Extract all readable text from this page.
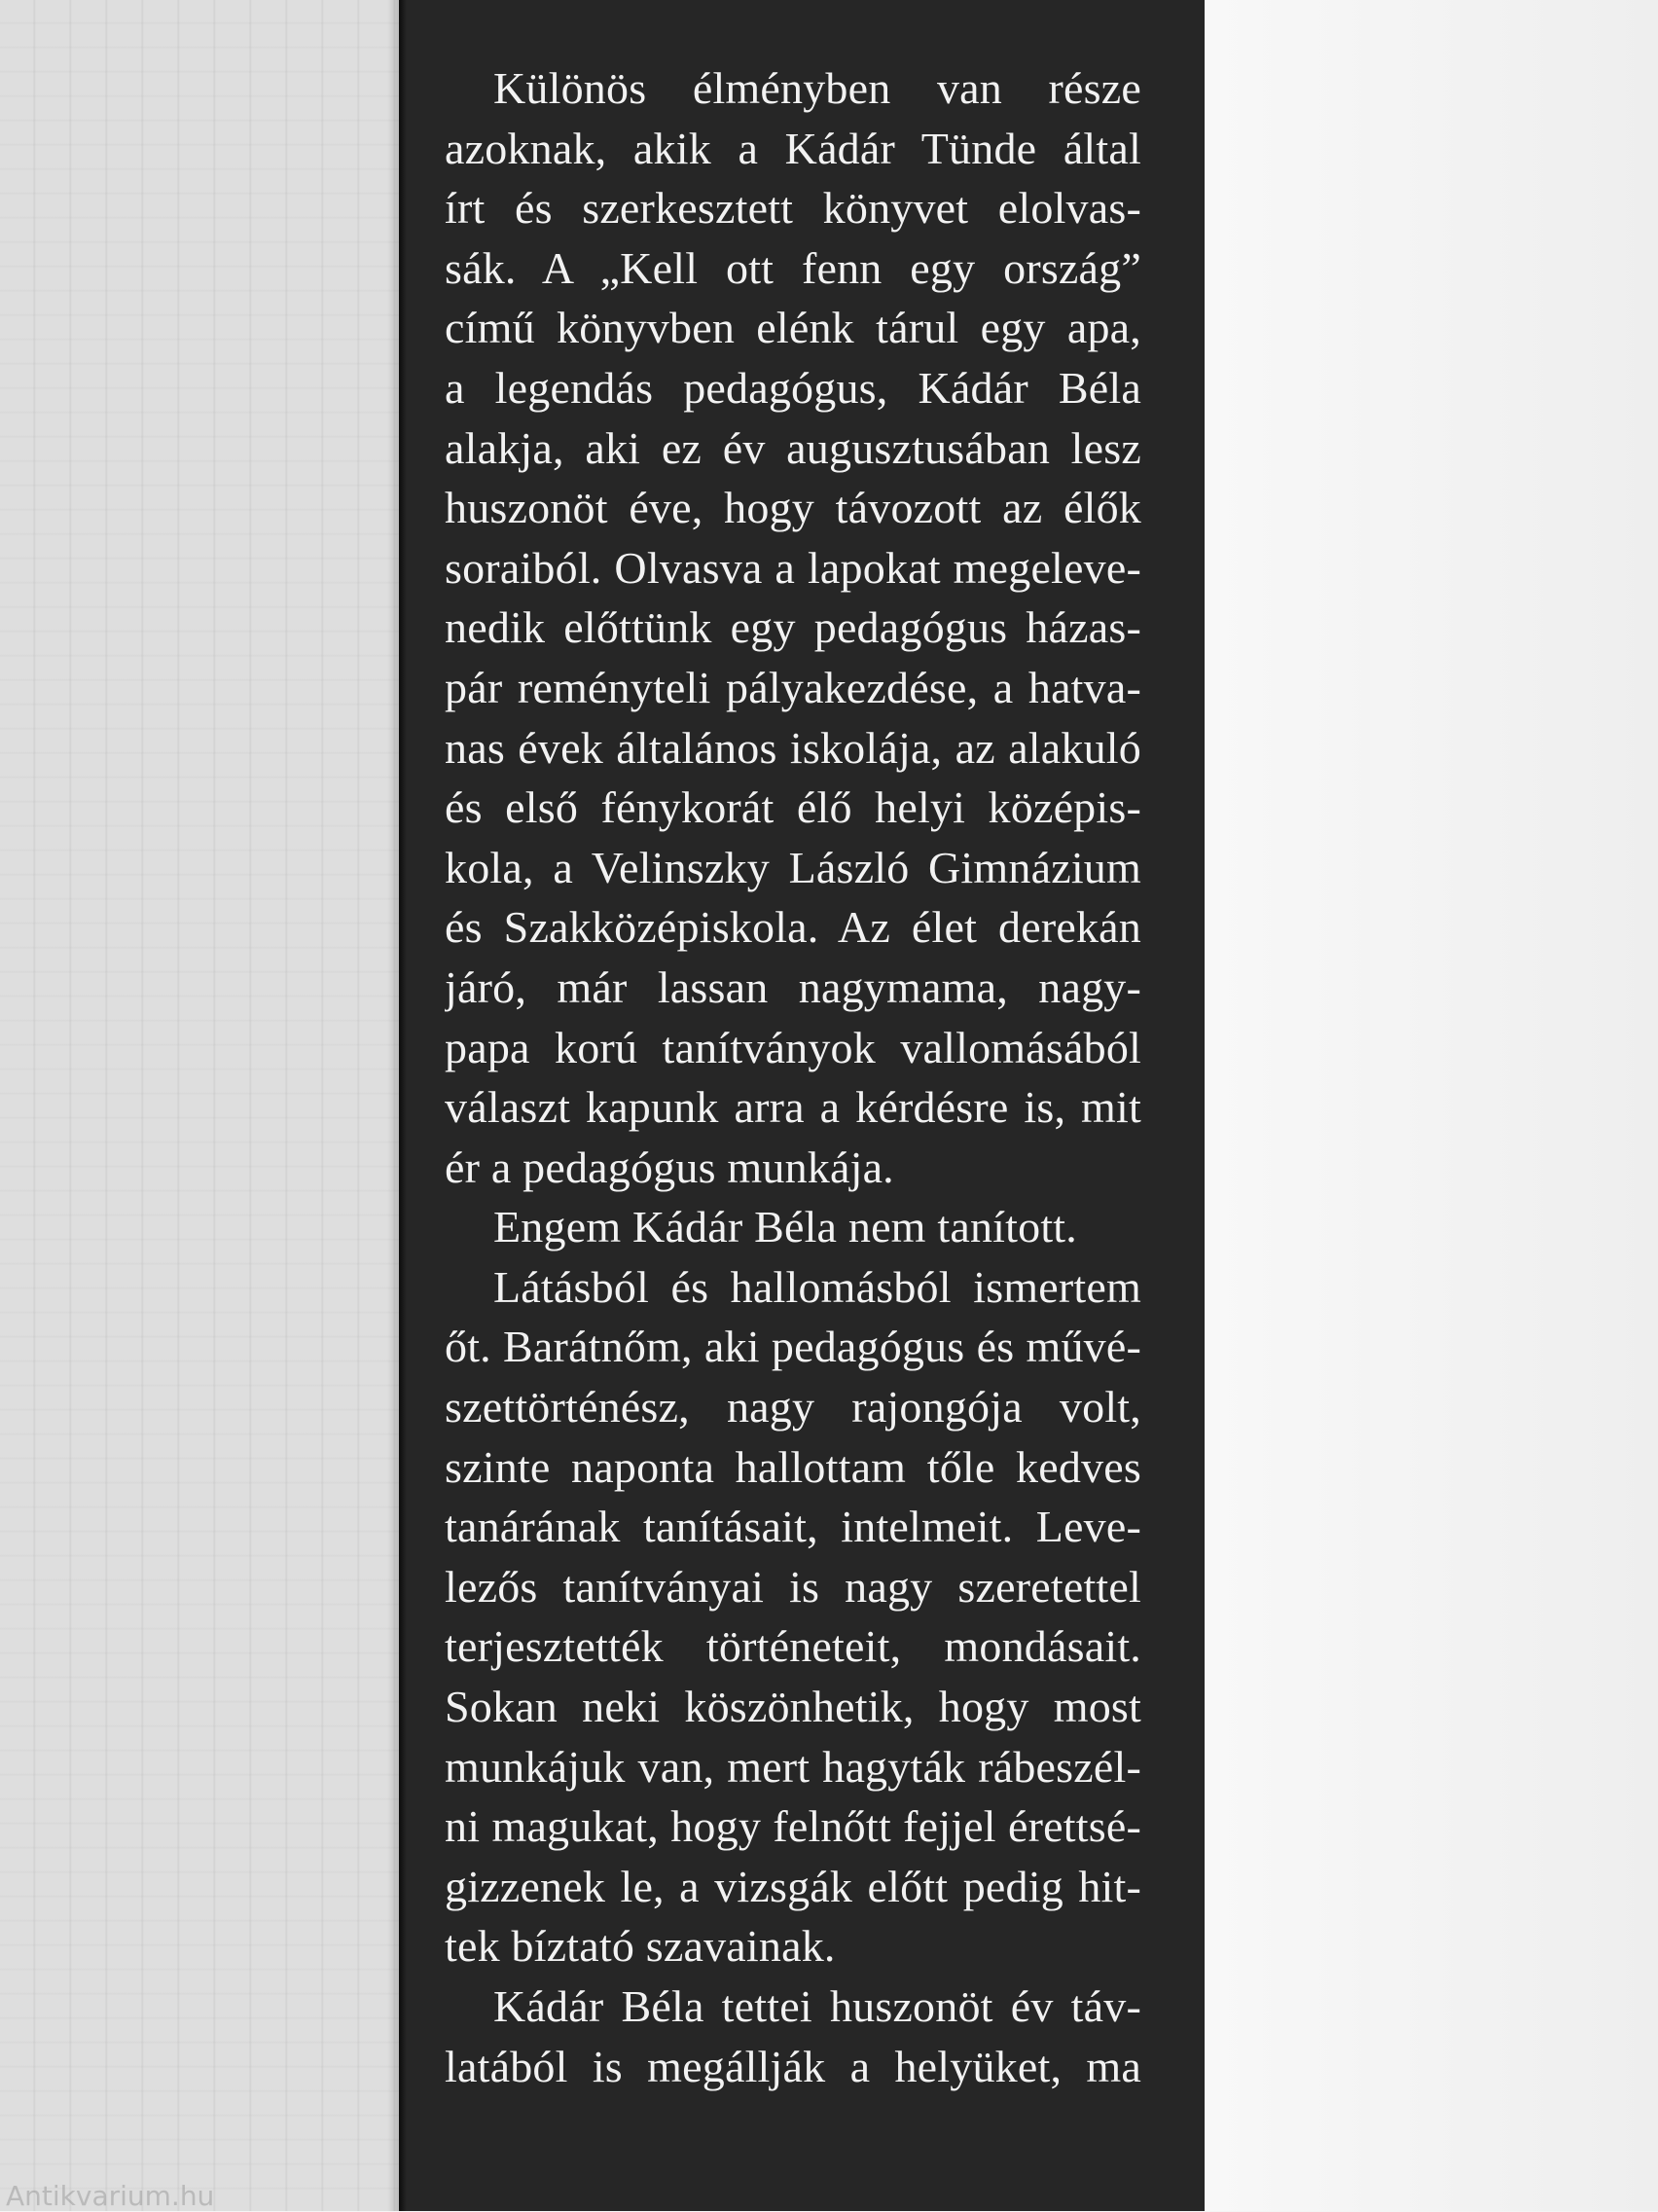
Különös élményben van része
azoknak, akik a Kádár Tünde által
írt és szerkesztett könyvet elolvas-
sák. A „Kell ott fenn egy ország”
című könyvben elénk tárul egy apa,
a legendás pedagógus, Kádár Béla
alakja, aki ez év augusztusában lesz
huszonöt éve, hogy távozott az élők
soraiból. Olvasva a lapokat megeleve-
nedik előttünk egy pedagógus házas-
pár reményteli pályakezdése, a hatva-
nas évek általános iskolája, az alakuló
és első fénykorát élő helyi középis-
kola, a Velinszky László Gimnázium
és Szakközépiskola. Az élet derekán
járó, már lassan nagymama, nagy-
papa korú tanítványok vallomásából
választ kapunk arra a kérdésre is, mit
ér a pedagógus munkája.
Engem Kádár Béla nem tanított.
Látásból és hallomásból ismertem
őt. Barátnőm, aki pedagógus és művé-
szettörténész, nagy rajongója volt,
szinte naponta hallottam tőle kedves
tanárának tanításait, intelmeit. Leve-
lezős tanítványai is nagy szeretettel
terjesztették történeteit, mondásait.
Sokan neki köszönhetik, hogy most
munkájuk van, mert hagyták rábeszél-
ni magukat, hogy felnőtt fejjel érettsé-
gizzenek le, a vizsgák előtt pedig hit-
tek bíztató szavainak.
Kádár Béla tettei huszonöt év táv-
latából is megállják a helyüket, ma
Antikvarium.hu
